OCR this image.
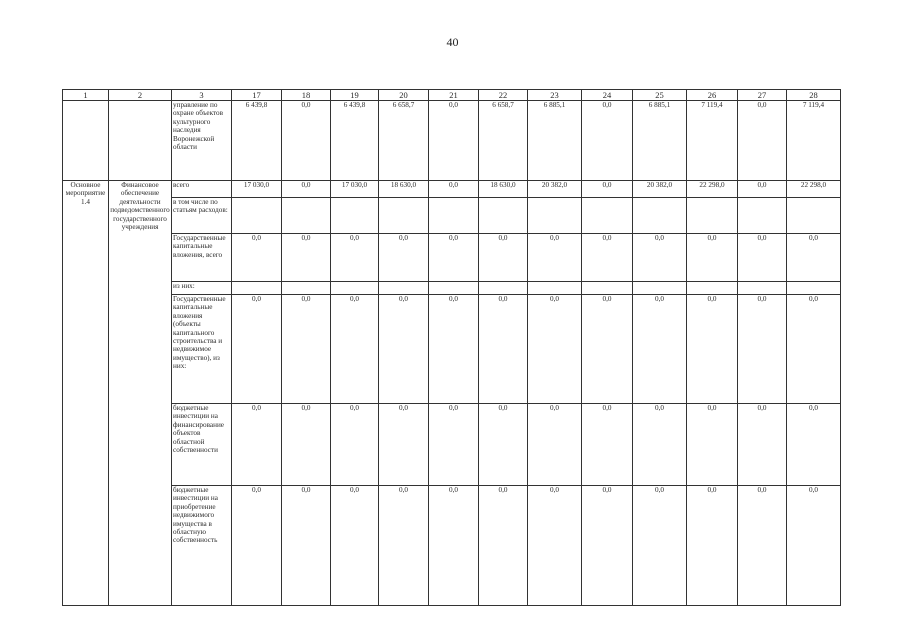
40
1	2	3	17	18	19	20	21	22	23	24	25	26	27	28
		управление по охране объектов культурного наследия Воронежской области	6 439,8	0,0	6 439,8	6 658,7	0,0	6 658,7	6 885,1	0,0	6 885,1	7 119,4	0,0	7 119,4
Основное мероприятие 1.4	Финансовое обеспечение деятельности подведомственного государственного учреждения	всего	17 030,0	0,0	17 030,0	18 630,0	0,0	18 630,0	20 382,0	0,0	20 382,0	22 298,0	0,0	22 298,0
		в том числе по статьям расходов:												
		Государственные капитальные вложения, всего	0,0	0,0	0,0	0,0	0,0	0,0	0,0	0,0	0,0	0,0	0,0	0,0
		из них:												
		Государственные капитальные вложения (объекты капитального строительства и недвижимое имущество), из них:	0,0	0,0	0,0	0,0	0,0	0,0	0,0	0,0	0,0	0,0	0,0	0,0
		бюджетные инвестиции на финансирование объектов областной собственности	0,0	0,0	0,0	0,0	0,0	0,0	0,0	0,0	0,0	0,0	0,0	0,0
		бюджетные инвестиции на приобретение недвижимого имущества в областную собственность	0,0	0,0	0,0	0,0	0,0	0,0	0,0	0,0	0,0	0,0	0,0	0,0
